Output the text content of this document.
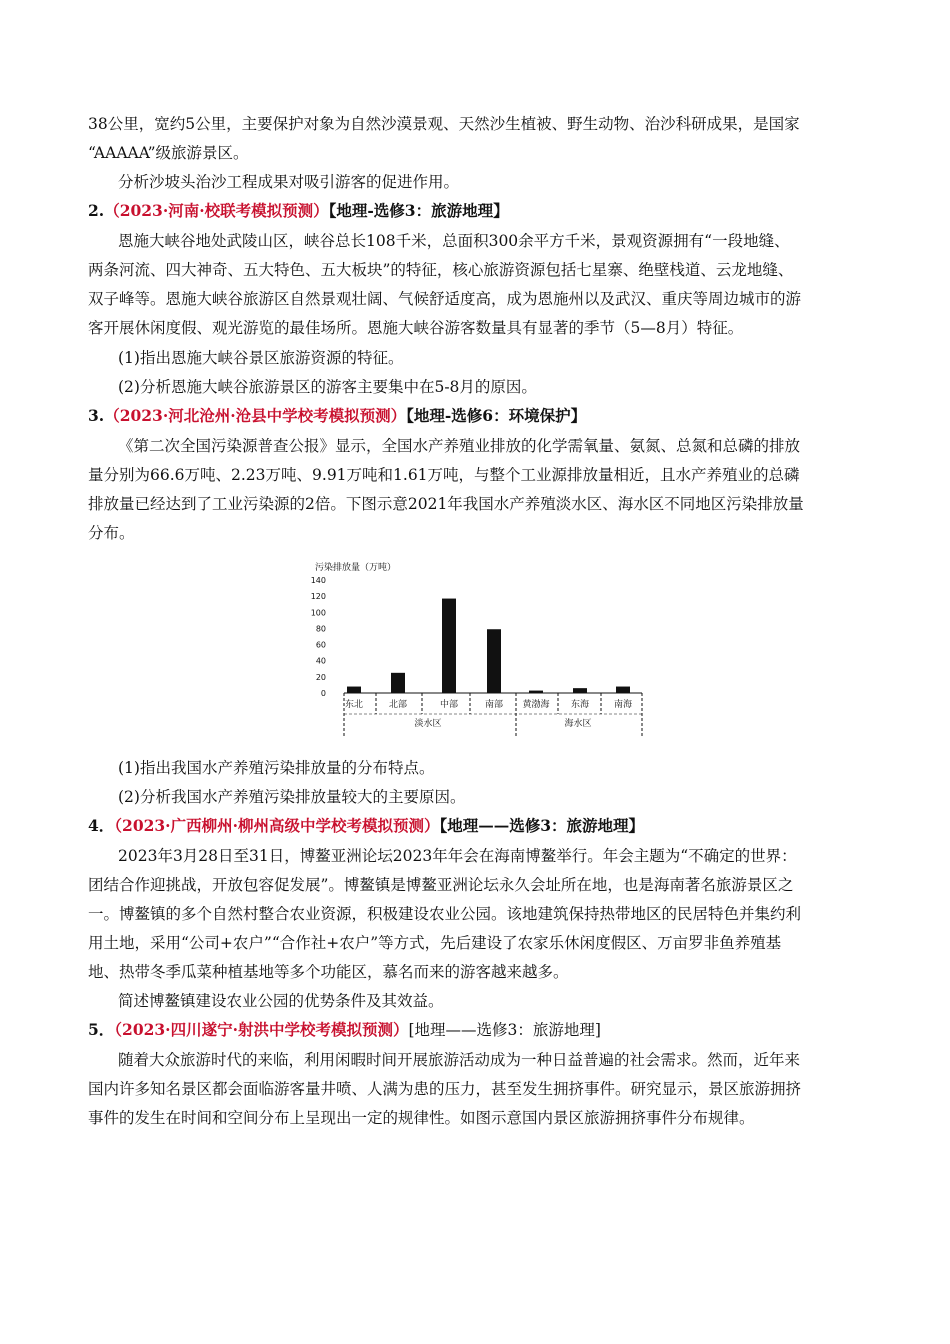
38公里，宽约5公里，主要保护对象为自然沙漠景观、天然沙生植被、野生动物、治沙科研成果，是国家
“AAAAA”级旅游景区。
分析沙坡头治沙工程成果对吸引游客的促进作用。
2.（2023·河南·校联考模拟预测）【地理-选修3：旅游地理】
恩施大峡谷地处武陵山区，峡谷总长108千米，总面积300余平方千米，景观资源拥有“一段地缝、
两条河流、四大神奇、五大特色、五大板块”的特征，核心旅游资源包括七星寨、绝壁栈道、云龙地缝、
双子峰等。恩施大峡谷旅游区自然景观壮阔、气候舒适度高，成为恩施州以及武汉、重庆等周边城市的游
客开展休闲度假、观光游览的最佳场所。恩施大峡谷游客数量具有显著的季节（5—8月）特征。
(1)指出恩施大峡谷景区旅游资源的特征。
(2)分析恩施大峡谷旅游景区的游客主要集中在5-8月的原因。
3.（2023·河北沧州·沧县中学校考模拟预测）【地理-选修6：环境保护】
《第二次全国污染源普查公报》显示，全国水产养殖业排放的化学需氧量、氨氮、总氮和总磷的排放
量分别为66.6万吨、2.23万吨、9.91万吨和1.61万吨，与整个工业源排放量相近，且水产养殖业的总磷
排放量已经达到了工业污染源的2倍。下图示意2021年我国水产养殖淡水区、海水区不同地区污染排放量
分布。
污染排放量（万吨）
140
120
100
80
60
40
20
0
东北	北部	中部	南部 黄渤海 东海	南海
淡水区	海水区
(1)指出我国水产养殖污染排放量的分布特点。
(2)分析我国水产养殖污染排放量较大的主要原因。
4．（2023·广西柳州·柳州高级中学校考模拟预测）【地理——选修3：旅游地理】
2023年3月28日至31日，博鳌亚洲论坛2023年年会在海南博鳌举行。年会主题为“不确定的世界：
团结合作迎挑战，开放包容促发展”。博鳌镇是博鳌亚洲论坛永久会址所在地，也是海南著名旅游景区之
一。博鳌镇的多个自然村整合农业资源，积极建设农业公园。该地建筑保持热带地区的民居特色并集约利
用土地，采用“公司+农户”“合作社+农户”等方式，先后建设了农家乐休闲度假区、万亩罗非鱼养殖基
地、热带冬季瓜菜种植基地等多个功能区，慕名而来的游客越来越多。
简述博鳌镇建设农业公园的优势条件及其效益。
5．（2023·四川遂宁·射洪中学校考模拟预测）[地理——选修3：旅游地理]
随着大众旅游时代的来临，利用闲暇时间开展旅游活动成为一种日益普遍的社会需求。然而，近年来
国内许多知名景区都会面临游客量井喷、人满为患的压力，甚至发生拥挤事件。研究显示，景区旅游拥挤
事件的发生在时间和空间分布上呈现出一定的规律性。如图示意国内景区旅游拥挤事件分布规律。
